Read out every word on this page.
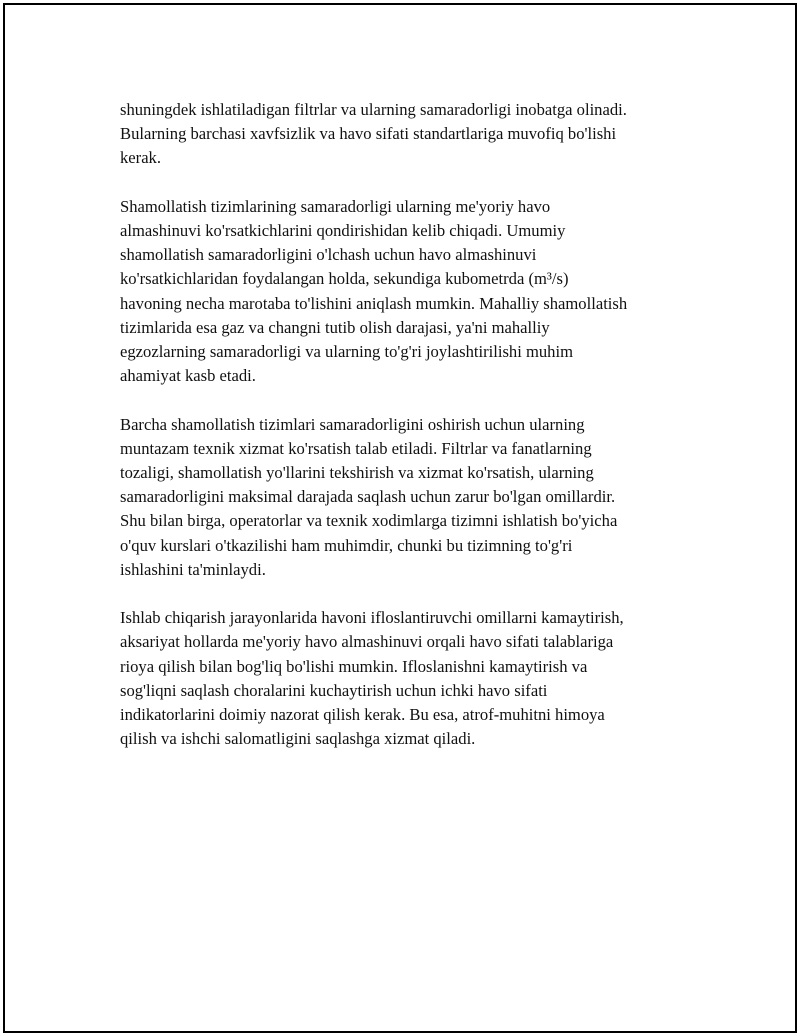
shuningdek ishlatiladigan filtrlar va ularning samaradorligi inobatga olinadi.
Bularning barchasi xavfsizlik va havo sifati standartlariga muvofiq bo'lishi
kerak.

Shamollatish tizimlarining samaradorligi ularning me'yoriy havo
almashinuvi ko'rsatkichlarini qondirishidan kelib chiqadi. Umumiy
shamollatish samaradorligini o'lchash uchun havo almashinuvi
ko'rsatkichlaridan foydalangan holda, sekundiga kubometrda (m³/s)
havoning necha marotaba to'lishini aniqlash mumkin. Mahalliy shamollatish
tizimlarida esa gaz va changni tutib olish darajasi, ya'ni mahalliy
egzozlarning samaradorligi va ularning to'g'ri joylashtirilishi muhim
ahamiyat kasb etadi.

Barcha shamollatish tizimlari samaradorligini oshirish uchun ularning
muntazam texnik xizmat ko'rsatish talab etiladi. Filtrlar va fanatlarning
tozaligi, shamollatish yo'llarini tekshirish va xizmat ko'rsatish, ularning
samaradorligini maksimal darajada saqlash uchun zarur bo'lgan omillardir.
Shu bilan birga, operatorlar va texnik xodimlarga tizimni ishlatish bo'yicha
o'quv kurslari o'tkazilishi ham muhimdir, chunki bu tizimning to'g'ri
ishlashini ta'minlaydi.

Ishlab chiqarish jarayonlarida havoni ifloslantiruvchi omillarni kamaytirish,
aksariyat hollarda me'yoriy havo almashinuvi orqali havo sifati talablariga
rioya qilish bilan bog'liq bo'lishi mumkin. Ifloslanishni kamaytirish va
sog'liqni saqlash choralarini kuchaytirish uchun ichki havo sifati
indikatorlarini doimiy nazorat qilish kerak. Bu esa, atrof-muhitni himoya
qilish va ishchi salomatligini saqlashga xizmat qiladi.
